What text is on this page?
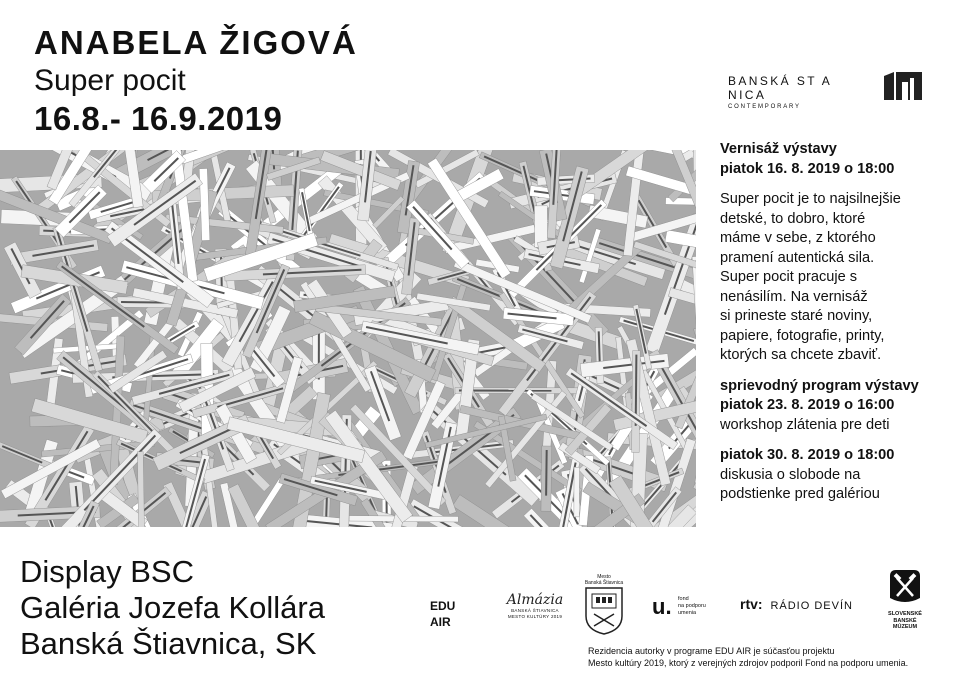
ANABELA ŽIGOVÁ
Super pocit
16.8.- 16.9.2019
BANSKÁ ST A NICA
CONTEMPORARY

Vernisáž výstavy

piatok 16. 8. 2019 o 18:00

Super pocit je to najsilnejšie

detské, to dobro, ktoré

máme v sebe, z ktorého

pramení autentická sila.

Super pocit pracuje s

nenásilím. Na vernisáž

si prineste staré noviny,

papiere, fotografie, printy,

ktorých sa chcete zbaviť.

sprievodný program výstavy

piatok 23. 8. 2019 o 16:00

workshop zlátenia pre deti

piatok 30. 8. 2019 o 18:00

diskusia o slobode na

podstienke pred galériou

Display BSC
Galéria Jozefa Kollára
Banská Štiavnica, SK
EDU
AIR
Almázia
BANSKÁ ŠTIAVNICA
MESTO KULTÚRY 2019
Mesto
Banská Štiavnica
u. fond
na podporu
umenia
rtv: RÁDIO DEVÍN
SLOVENSKÉ
BANSKÉ
MÚZEUM
Rezidencia autorky v programe EDU AIR je súčasťou projektu
Mesto kultúry 2019, ktorý z verejných zdrojov podporil Fond na podporu umenia.
